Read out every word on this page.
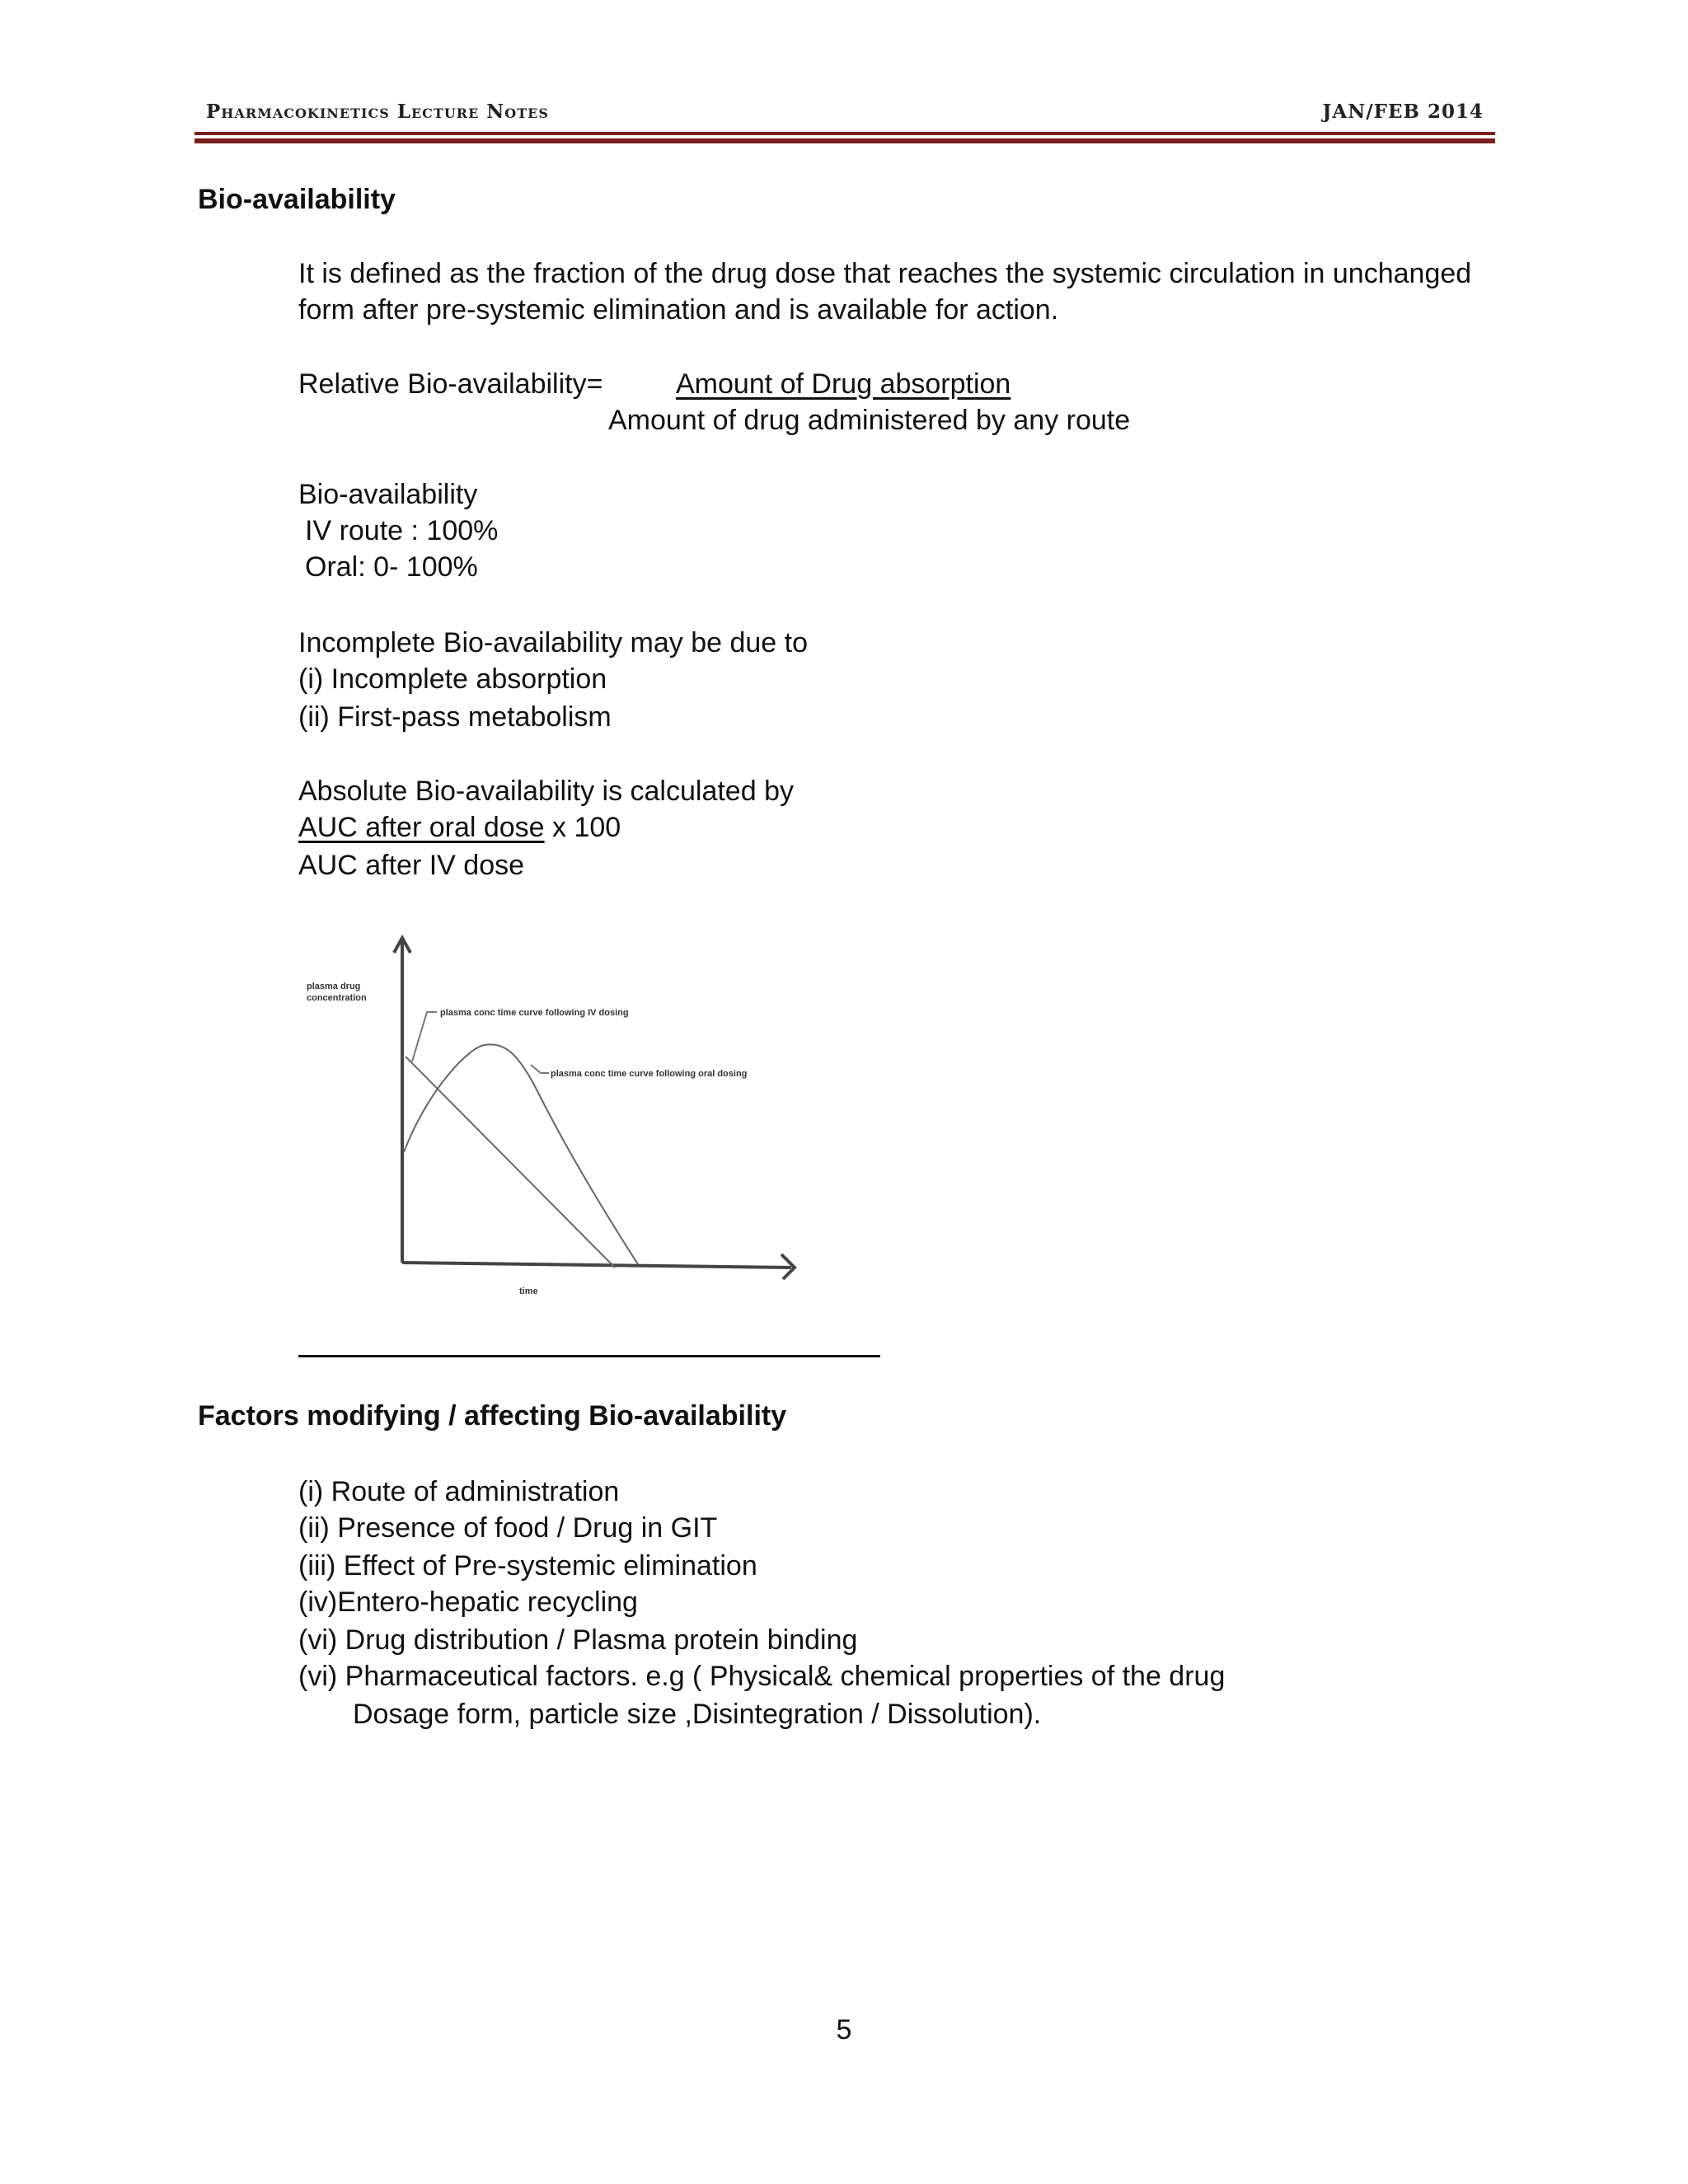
Pharmacokinetics Lecture Notes	JAN/FEB 2014
Bio-availability
It is defined as the fraction of the drug dose that reaches the systemic circulation in unchanged
form after pre-systemic elimination and is available for action.
Relative Bio-availability=	Amount of Drug absorption
Amount of drug administered by any route
Bio-availability
IV route : 100%
Oral: 0- 100%
Incomplete Bio-availability may be due to
(i) Incomplete absorption
(ii) First-pass metabolism
Absolute Bio-availability is calculated by
AUC after oral dose x 100
AUC after IV dose
plasma drug
concentration
plasma conc time curve following IV dosing
plasma conc time curve following oral dosing
time
Factors modifying / affecting Bio-availability
(i) Route of administration
(ii) Presence of food / Drug in GIT
(iii) Effect of Pre-systemic elimination
(iv)Entero-hepatic recycling
(vi) Drug distribution / Plasma protein binding
(vi) Pharmaceutical factors. e.g ( Physical& chemical properties of the drug
Dosage form, particle size ,Disintegration / Dissolution).
5
